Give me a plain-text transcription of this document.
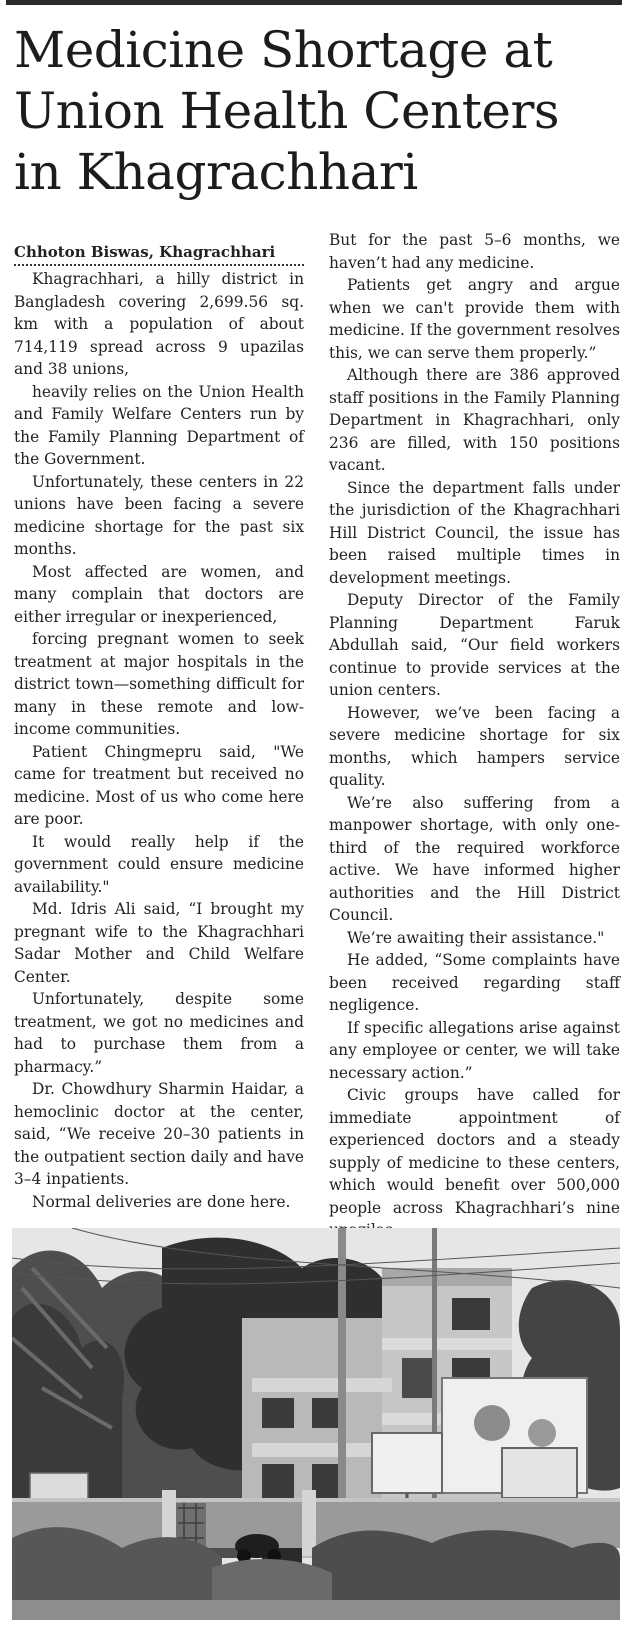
Medicine Shortage at Union Health Centers in Khagrachhari
Chhoton Biswas, Khagrachhari

Khagrachhari, a hilly district in Bangladesh covering 2,699.56 sq. km with a population of about 714,119 spread across 9 upazilas and 38 unions,

heavily relies on the Union Health and Family Welfare Centers run by the Family Planning Department of the Government.

Unfortunately, these centers in 22 unions have been facing a severe medicine shortage for the past six months.

Most affected are women, and many complain that doctors are either irregular or inexperienced,

forcing pregnant women to seek treatment at major hospitals in the district town—something difficult for many in these remote and low-income communities.

Patient Chingmepru said, "We came for treatment but received no medicine. Most of us who come here are poor.

It would really help if the government could ensure medicine availability."

Md. Idris Ali said, “I brought my pregnant wife to the Khagrachhari Sadar Mother and Child Welfare Center.

Unfortunately, despite some treatment, we got no medicines and had to purchase them from a pharmacy.”

Dr. Chowdhury Sharmin Haidar, a hemoclinic doctor at the center, said, “We receive 20–30 patients in the outpatient section daily and have 3–4 inpatients.

Normal deliveries are done here.

But for the past 5–6 months, we haven’t had any medicine.

Patients get angry and argue when we can't provide them with medicine. If the government resolves this, we can serve them properly.”

Although there are 386 approved staff positions in the Family Planning Department in Khagrachhari, only 236 are filled, with 150 positions vacant.

Since the department falls under the jurisdiction of the Khagrachhari Hill District Council, the issue has been raised multiple times in development meetings.

Deputy Director of the Family Planning Department Faruk Abdullah said, “Our field workers continue to provide services at the union centers.

However, we’ve been facing a severe medicine shortage for six months, which hampers service quality.

We’re also suffering from a manpower shortage, with only one-third of the required workforce active. We have informed higher authorities and the Hill District Council.

We’re awaiting their assistance."

He added, “Some complaints have been received regarding staff negligence.

If specific allegations arise against any employee or center, we will take necessary action.”

Civic groups have called for immediate appointment of experienced doctors and a steady supply of medicine to these centers, which would benefit over 500,000 people across Khagrachhari’s nine
